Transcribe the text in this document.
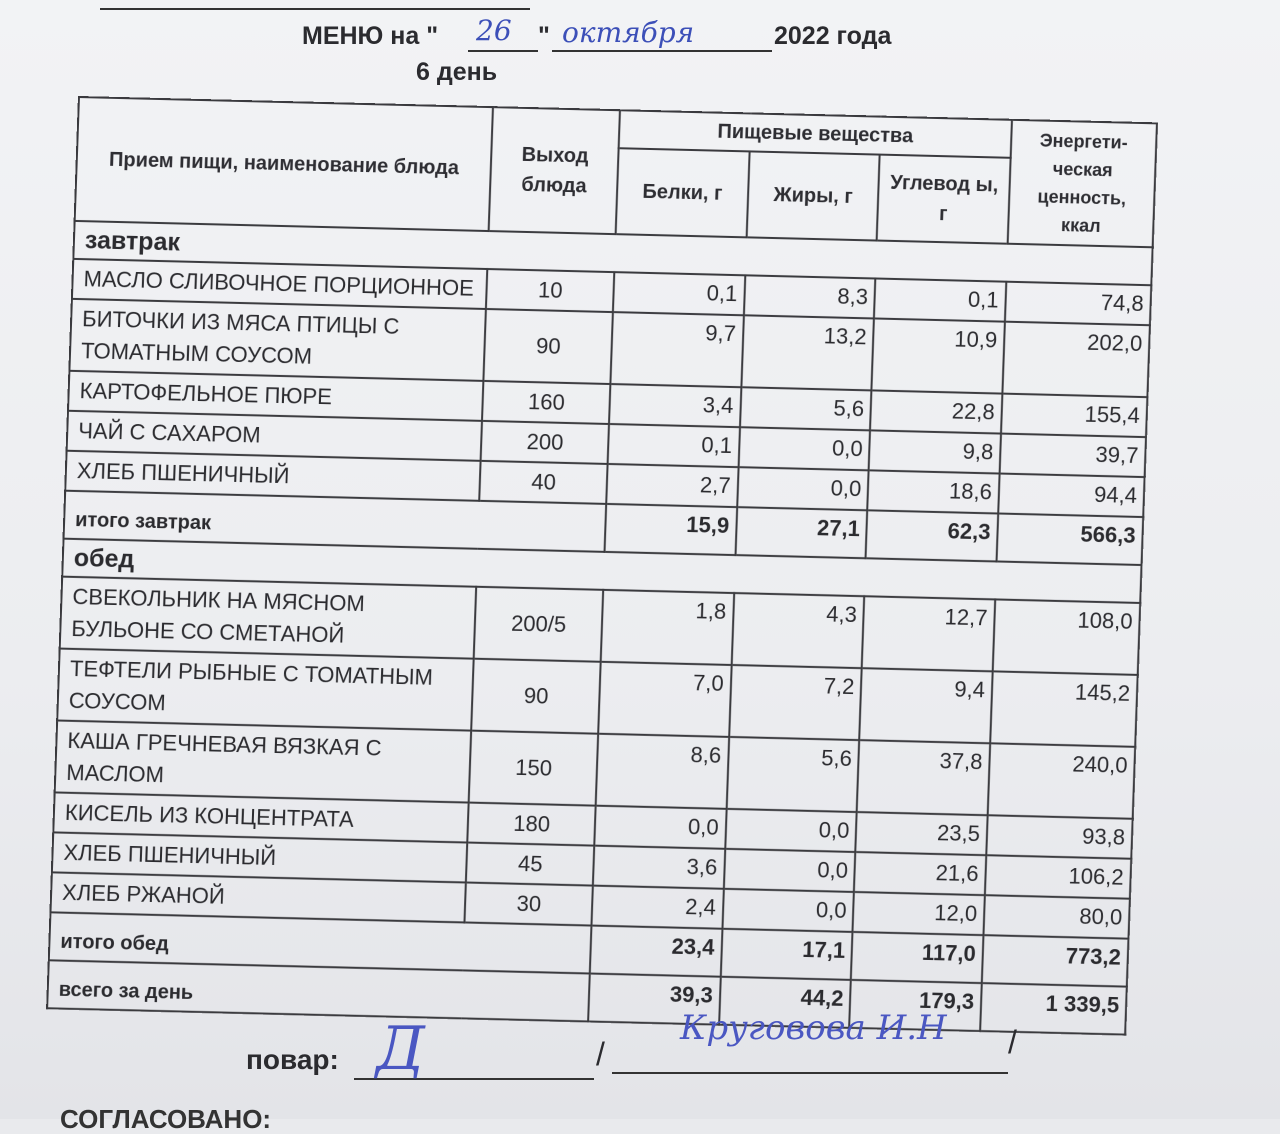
МЕНЮ на " 26 " октября	2022 года
6 день
Прием пищи, наименование блюда	Выход блюда	Пищевые вещества			Энергети-ческая ценность, ккал
		Белки, г	Жиры, г	Углевод ы, г	
завтрак					
МАСЛО СЛИВОЧНОЕ ПОРЦИОННОЕ	10	0,1	8,3	0,1	74,8
БИТОЧКИ ИЗ МЯСА ПТИЦЫ С ТОМАТНЫМ СОУСОМ	90	9,7	13,2	10,9	202,0
КАРТОФЕЛЬНОЕ ПЮРЕ	160	3,4	5,6	22,8	155,4
ЧАЙ С САХАРОМ	200	0,1	0,0	9,8	39,7
ХЛЕБ ПШЕНИЧНЫЙ	40	2,7	0,0	18,6	94,4
итого завтрак		15,9	27,1	62,3	566,3
обед					
СВЕКОЛЬНИК НА МЯСНОМ БУЛЬОНЕ СО СМЕТАНОЙ	200/5	1,8	4,3	12,7	108,0
ТЕФТЕЛИ РЫБНЫЕ С ТОМАТНЫМ СОУСОМ	90	7,0	7,2	9,4	145,2
КАША ГРЕЧНЕВАЯ ВЯЗКАЯ С МАСЛОМ	150	8,6	5,6	37,8	240,0
КИСЕЛЬ ИЗ КОНЦЕНТРАТА	180	0,0	0,0	23,5	93,8
ХЛЕБ ПШЕНИЧНЫЙ	45	3,6	0,0	21,6	106,2
ХЛЕБ РЖАНОЙ	30	2,4	0,0	12,0	80,0
итого обед		23,4	17,1	117,0	773,2
всего за день		39,3	44,2	179,3	1 339,5
повар: Д	/
Круговова И.Н /
СОГЛАСОВАНО:
